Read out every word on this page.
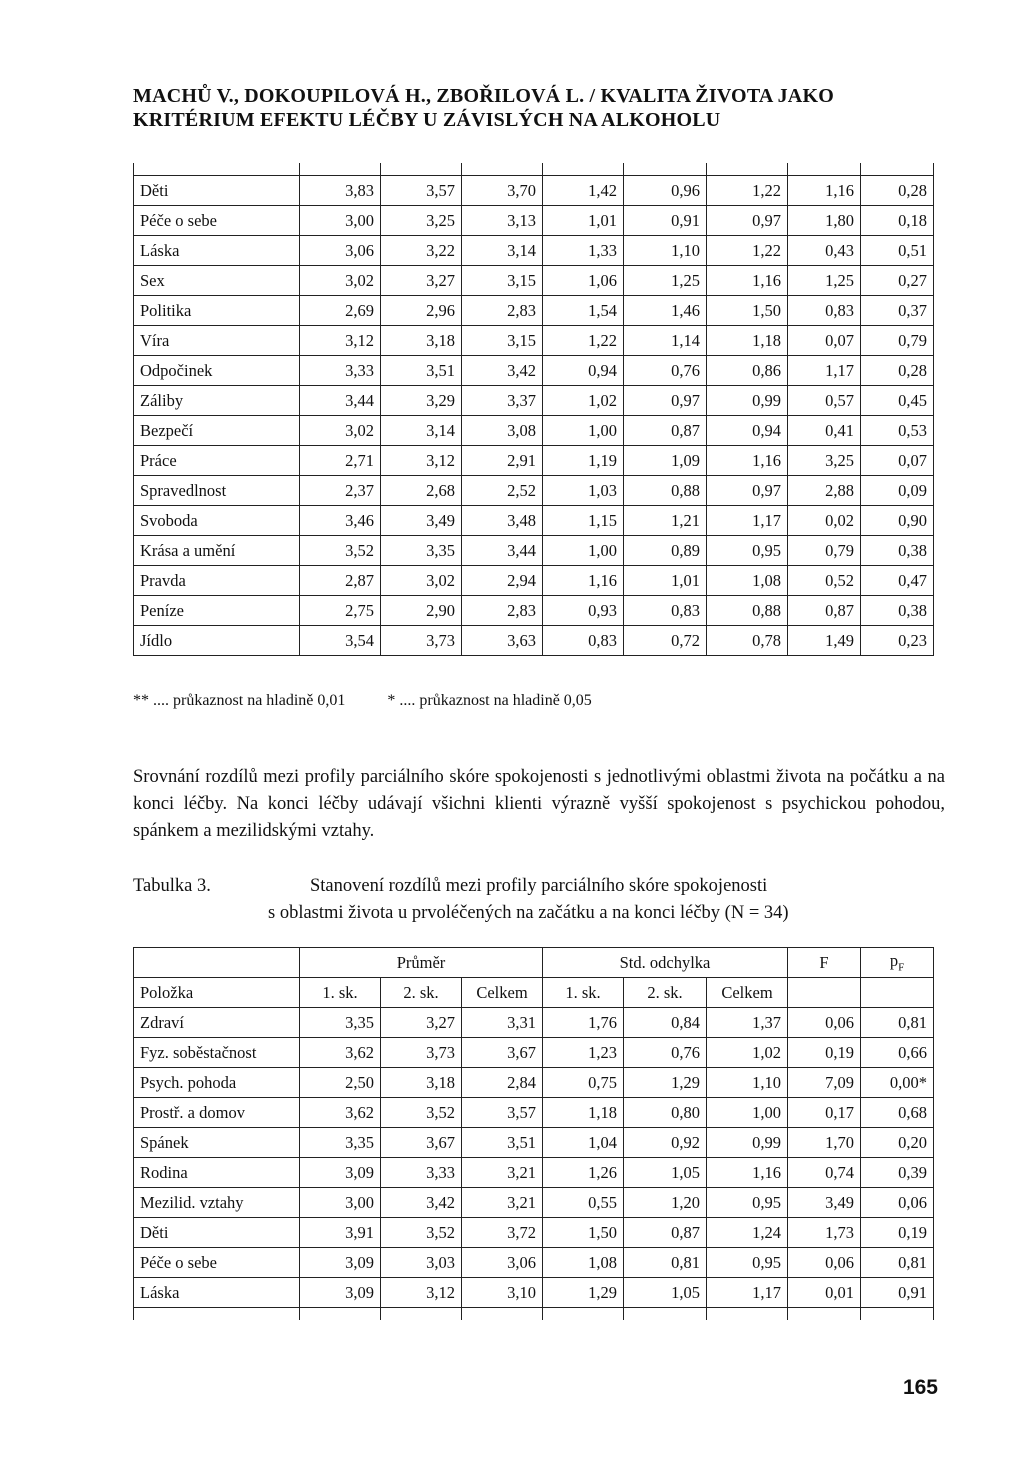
MACHŮ V., DOKOUPILOVÁ H., ZBOŘILOVÁ L. / KVALITA ŽIVOTA JAKO
KRITÉRIUM EFEKTU LÉČBY U ZÁVISLÝCH NA ALKOHOLU

Děti	3,83	3,57	3,70	1,42	0,96	1,22	1,16	0,28
Péče o sebe	3,00	3,25	3,13	1,01	0,91	0,97	1,80	0,18
Láska	3,06	3,22	3,14	1,33	1,10	1,22	0,43	0,51
Sex	3,02	3,27	3,15	1,06	1,25	1,16	1,25	0,27
Politika	2,69	2,96	2,83	1,54	1,46	1,50	0,83	0,37
Víra	3,12	3,18	3,15	1,22	1,14	1,18	0,07	0,79
Odpočinek	3,33	3,51	3,42	0,94	0,76	0,86	1,17	0,28
Záliby	3,44	3,29	3,37	1,02	0,97	0,99	0,57	0,45
Bezpečí	3,02	3,14	3,08	1,00	0,87	0,94	0,41	0,53
Práce	2,71	3,12	2,91	1,19	1,09	1,16	3,25	0,07
Spravedlnost	2,37	2,68	2,52	1,03	0,88	0,97	2,88	0,09
Svoboda	3,46	3,49	3,48	1,15	1,21	1,17	0,02	0,90
Krása a umění	3,52	3,35	3,44	1,00	0,89	0,95	0,79	0,38
Pravda	2,87	3,02	2,94	1,16	1,01	1,08	0,52	0,47
Peníze	2,75	2,90	2,83	0,93	0,83	0,88	0,87	0,38
Jídlo	3,54	3,73	3,63	0,83	0,72	0,78	1,49	0,23
** .... průkaznost na hladině 0,01	* .... průkaznost na hladině 0,05
Srovnání rozdílů mezi profily parciálního skóre spokojenosti s jednotlivými oblastmi života na počátku a na konci léčby. Na konci léčby udávají všichni klienti výrazně vyšší spokojenost s psychickou pohodou, spánkem a mezilidskými vztahy.
Tabulka 3.	Stanovení rozdílů mezi profily parciálního skóre spokojenosti
s oblastmi života u prvoléčených na začátku a na konci léčby (N = 34)
	Průměr			Std. odchylka			F	$p_F$
Položka	1. sk.	2. sk.	Celkem	1. sk.	2. sk.	Celkem		
Zdraví	3,35	3,27	3,31	1,76	0,84	1,37	0,06	0,81
Fyz. soběstačnost	3,62	3,73	3,67	1,23	0,76	1,02	0,19	0,66
Psych. pohoda	2,50	3,18	2,84	0,75	1,29	1,10	7,09	0,00*
Prostř. a domov	3,62	3,52	3,57	1,18	0,80	1,00	0,17	0,68
Spánek	3,35	3,67	3,51	1,04	0,92	0,99	1,70	0,20
Rodina	3,09	3,33	3,21	1,26	1,05	1,16	0,74	0,39
Mezilid. vztahy	3,00	3,42	3,21	0,55	1,20	0,95	3,49	0,06
Děti	3,91	3,52	3,72	1,50	0,87	1,24	1,73	0,19
Péče o sebe	3,09	3,03	3,06	1,08	0,81	0,95	0,06	0,81
Láska	3,09	3,12	3,10	1,29	1,05	1,17	0,01	0,91

165
